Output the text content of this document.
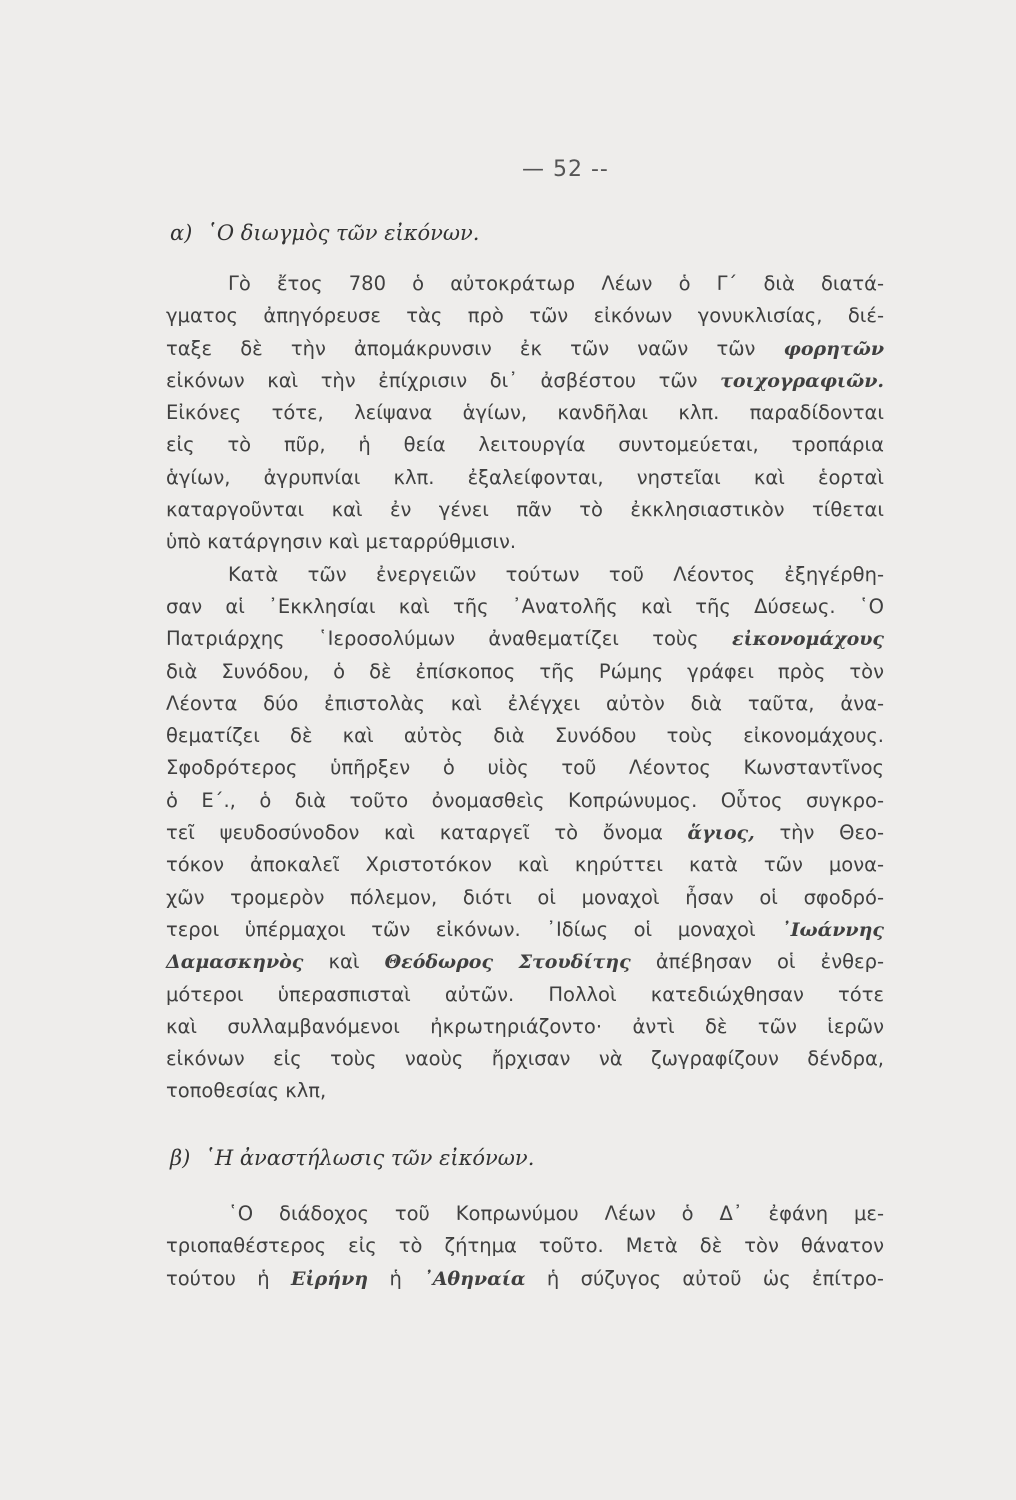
— 52 --
α) ῾Ο διωγμὸς τῶν εἰκόνων.
Γὸ ἔτος 780 ὁ αὐτοκράτωρ Λέων ὁ Γ΄ διὰ διατά-
γματος ἀπηγόρευσε τὰς πρὸ τῶν εἰκόνων γονυκλισίας, διέ-
ταξε δὲ τὴν ἀπομάκρυνσιν ἐκ τῶν ναῶν τῶν φορητῶν
εἰκόνων καὶ τὴν ἐπίχρισιν δι᾿ ἀσβέστου τῶν τοιχογραφιῶν.
Εἰκόνες τότε, λείψανα ἁγίων, κανδῆλαι κλπ. παραδίδονται
εἰς τὸ πῦρ, ἡ θεία λειτουργία συντομεύεται, τροπάρια
ἁγίων, ἀγρυπνίαι κλπ. ἐξαλείφονται, νηστεῖαι καὶ ἑορταὶ
καταργοῦνται καὶ ἐν γένει πᾶν τὸ ἐκκλησιαστικὸν τίθεται
ὑπὸ κατάργησιν καὶ μεταρρύθμισιν.
Κατὰ τῶν ἐνεργειῶν τούτων τοῦ Λέοντος ἐξηγέρθη-
σαν αἱ ᾿Εκκλησίαι καὶ τῆς ᾿Ανατολῆς καὶ τῆς Δύσεως. ῾Ο
Πατριάρχης ῾Ιεροσολύμων ἀναθεματίζει τοὺς εἰκονομάχους
διὰ Συνόδου, ὁ δὲ ἐπίσκοπος τῆς Ρώμης γράφει πρὸς τὸν
Λέοντα δύο ἐπιστολὰς καὶ ἐλέγχει αὐτὸν διὰ ταῦτα, ἀνα-
θεματίζει δὲ καὶ αὐτὸς διὰ Συνόδου τοὺς εἰκονομάχους.
Σφοδρότερος ὑπῆρξεν ὁ υἱὸς τοῦ Λέοντος Κωνσταντῖνος
ὁ Ε΄., ὁ διὰ τοῦτο ὀνομασθεὶς Κοπρώνυμος. Οὗτος συγκρο-
τεῖ ψευδοσύνοδον καὶ καταργεῖ τὸ ὄνομα ἅγιος, τὴν Θεο-
τόκον ἀποκαλεῖ Χριστοτόκον καὶ κηρύττει κατὰ τῶν μονα-
χῶν τρομερὸν πόλεμον, διότι οἱ μοναχοὶ ἦσαν οἱ σφοδρό-
τεροι ὑπέρμαχοι τῶν εἰκόνων. ᾿Ιδίως οἱ μοναχοὶ ᾿Ιωάννης
Δαμασκηνὸς καὶ Θεόδωρος Στουδίτης ἀπέβησαν οἱ ἐνθερ-
μότεροι ὑπερασπισταὶ αὐτῶν. Πολλοὶ κατεδιώχθησαν τότε
καὶ συλλαμβανόμενοι ἠκρωτηριάζοντο· ἀντὶ δὲ τῶν ἱερῶν
εἰκόνων εἰς τοὺς ναοὺς ἤρχισαν νὰ ζωγραφίζουν δένδρα,
τοποθεσίας κλπ,
β) ῾Η ἀναστήλωσις τῶν εἰκόνων.
῾Ο διάδοχος τοῦ Κοπρωνύμου Λέων ὁ Δ᾿ ἐφάνη με-
τριοπαθέστερος εἰς τὸ ζήτημα τοῦτο. Μετὰ δὲ τὸν θάνατον
τούτου ἡ Εἰρήνη ἡ ᾿Αθηναία ἡ σύζυγος αὐτοῦ ὡς ἐπίτρο-
